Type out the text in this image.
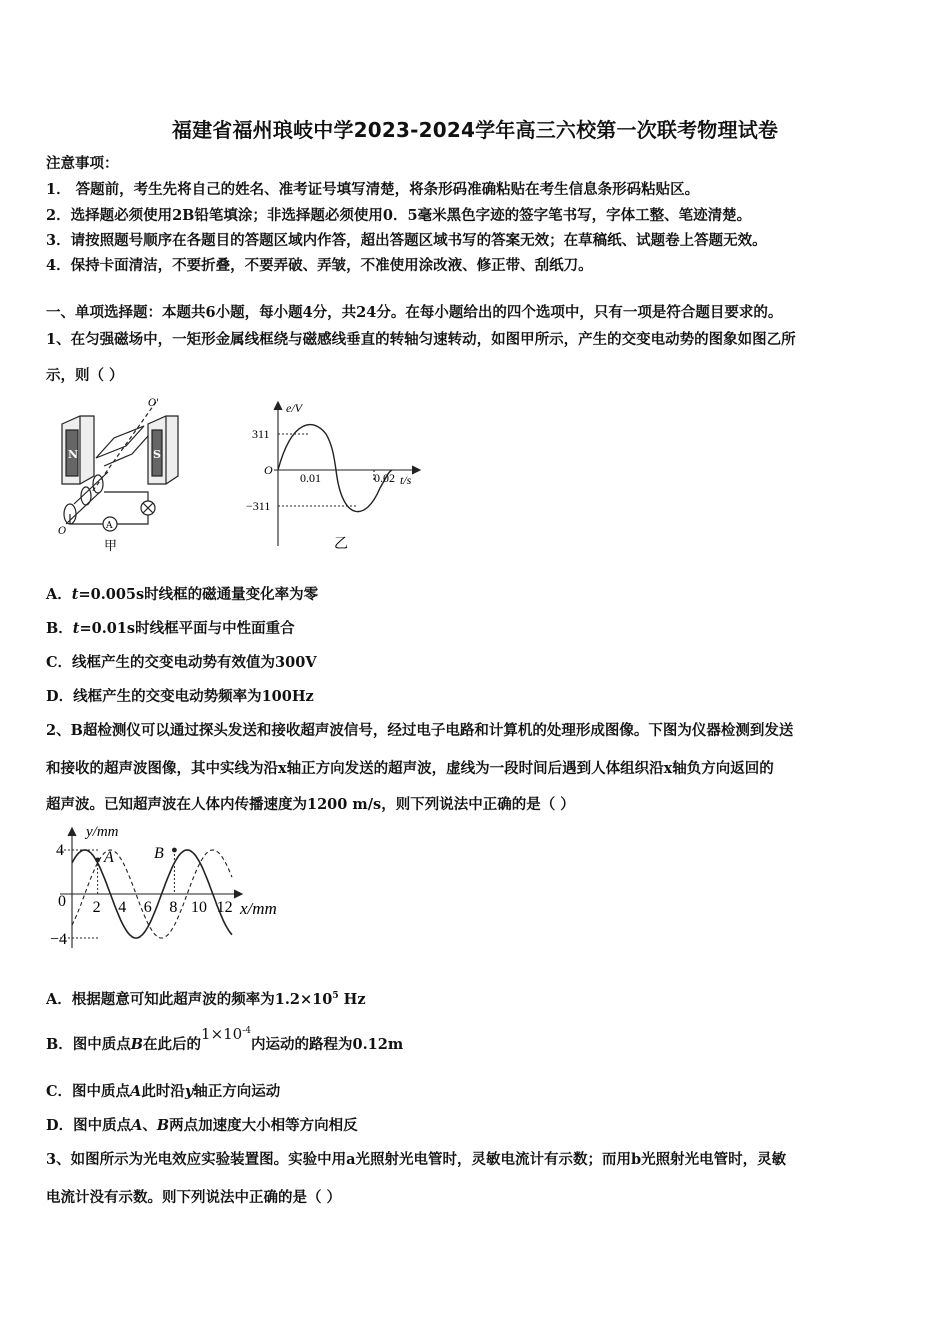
福建省福州琅岐中学2023-2024学年高三六校第一次联考物理试卷
注意事项：
1． 答题前，考生先将自己的姓名、准考证号填写清楚，将条形码准确粘贴在考生信息条形码粘贴区。
2．选择题必须使用2B铅笔填涂；非选择题必须使用0．5毫米黑色字迹的签字笔书写，字体工整、笔迹清楚。
3．请按照题号顺序在各题目的答题区域内作答，超出答题区域书写的答案无效；在草稿纸、试题卷上答题无效。
4．保持卡面清洁，不要折叠，不要弄破、弄皱，不准使用涂改液、修正带、刮纸刀。
一、单项选择题：本题共6小题，每小题4分，共24分。在每小题给出的四个选项中，只有一项是符合题目要求的。
1、在匀强磁场中，一矩形金属线框绕与磁感线垂直的转轴匀速转动，如图甲所示，产生的交变电动势的图象如图乙所
示，则（ ）
N	S
O'
O	A
甲
e/V
t/s
O
311
−311
0.01	0.02
乙
A．t=0.005s时线框的磁通量变化率为零
B．t=0.01s时线框平面与中性面重合
C．线框产生的交变电动势有效值为300V
D．线框产生的交变电动势频率为100Hz
2、B超检测仪可以通过探头发送和接收超声波信号，经过电子电路和计算机的处理形成图像。下图为仪器检测到发送
和接收的超声波图像，其中实线为沿x轴正方向发送的超声波，虚线为一段时间后遇到人体组织沿x轴负方向返回的
超声波。已知超声波在人体内传播速度为1200 m/s，则下列说法中正确的是（ ）
2 4 6 8 10 12
y/mm
x/mm
0
4
−4
A	B
A．根据题意可知此超声波的频率为$1.2\times 10^5$ Hz
B．图中质点B在此后的$1\times 10^{-4}$内运动的路程为0.12m
C．图中质点A此时沿y轴正方向运动
D．图中质点A、B两点加速度大小相等方向相反
3、如图所示为光电效应实验装置图。实验中用a光照射光电管时，灵敏电流计有示数；而用b光照射光电管时，灵敏
电流计没有示数。则下列说法中正确的是（ ）
